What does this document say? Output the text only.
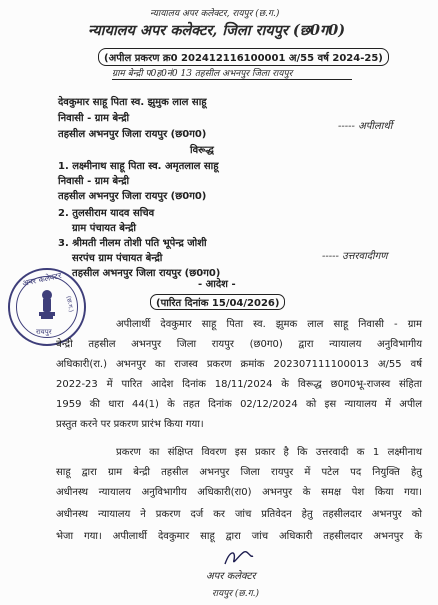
न्यायालय अपर कलेक्टर, रायपुर (छ.ग.)
न्यायालय अपर कलेक्टर, जिला रायपुर (छ0ग0)
(अपील प्रकरण क्र0 202412116100001 अ/55 वर्ष 2024-25)
ग्राम बेन्द्री प0ह0नं0 13 तहसील अभनपुर जिला रायपुर
देवकुमार साहू पिता स्व. झुमुक लाल साहू
निवासी - ग्राम बेन्द्री
तहसील अभनपुर जिला रायपुर (छ0ग0)
----- अपीलार्थी
विरूद्ध
1. लक्ष्मीनाथ साहू पिता स्व. अमृतलाल साहू
निवासी - ग्राम बेन्द्री
तहसील अभनपुर जिला रायपुर (छ0ग0)
2. तुलसीराम यादव सचिव
ग्राम पंचायत बेन्द्री
3. श्रीमती नीलम तोशी पति भूपेन्द्र जोशी
सरपंच ग्राम पंचायत बेन्द्री
तहसील अभनपुर जिला रायपुर (छ0ग0)
----- उत्तरवादीगण
अपर कलेक्टर
रायपुर
(छ.ग.)
- आदेश -
(पारित दिनांक 15/04/2026)
अपीलार्थी देवकुमार साहू पिता स्व. झुमक लाल साहू निवासी - ग्राम
बेन्द्री तहसील अभनपुर जिला रायपुर (छ0ग0) द्वारा न्यायालय अनुविभागीय
अधिकारी(रा.) अभनपुर का राजस्व प्रकरण क्रमांक 202307111100013 अ/55 वर्ष
2022-23 में पारित आदेश दिनांक 18/11/2024 के विरूद्ध छ0ग0भू-राजस्व संहिता
1959 की धारा 44(1) के तहत दिनांक 02/12/2024 को इस न्यायालय में अपील
प्रस्तुत करने पर प्रकरण प्रारंभ किया गया।
प्रकरण का संक्षिप्त विवरण इस प्रकार है कि उत्तरवादी क 1 लक्ष्मीनाथ
साहू द्वारा ग्राम बेन्द्री तहसील अभनपुर जिला रायपुर में पटेल पद नियुक्ति हेतु
अधीनस्थ न्यायालय अनुविभागीय अधिकारी(रा0) अभनपुर के समक्ष पेश किया गया।
अधीनस्थ न्यायालय ने प्रकरण दर्ज कर जांच प्रतिवेदन हेतु तहसीलदार अभनपुर को
भेजा गया। अपीलार्थी देवकुमार साहू द्वारा जांच अधिकारी तहसीलदार अभनपुर के
अपर कलेक्टर
रायपुर (छ.ग.)
